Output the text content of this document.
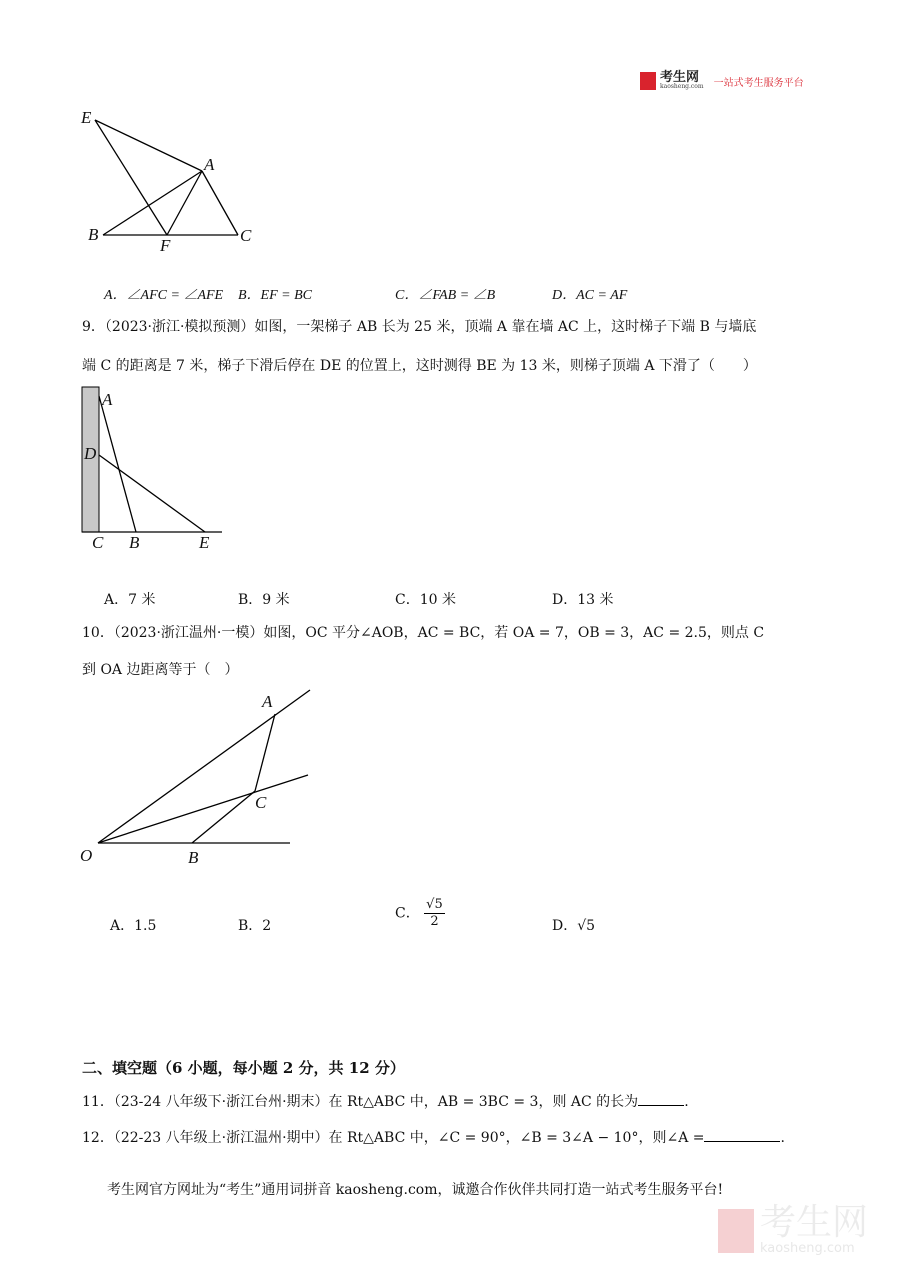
考生网
kaosheng.com 一站式考生服务平台
E
A
B
F
C
A．∠AFC = ∠AFE B．EF = BC	C．∠FAB = ∠B	D．AC = AF
9．（2023·浙江·模拟预测）如图，一架梯子 AB 长为 25 米，顶端 A 靠在墙 AC 上，这时梯子下端 B 与墙底
端 C 的距离是 7 米，梯子下滑后停在 DE 的位置上，这时测得 BE 为 13 米，则梯子顶端 A 下滑了（　　）
A
D
C B	E
A．7 米	B．9 米	C．10 米	D．13 米
10．（2023·浙江温州·一模）如图，OC 平分∠AOB，AC = BC，若 OA = 7，OB = 3，AC = 2.5，则点 C
到 OA 边距离等于（　）
A
C
O	B
A．1.5	B．2
C． $\frac{√5}{2}$	D．√5
二、填空题（6 小题，每小题 2 分，共 12 分）
11．（23-24 八年级下·浙江台州·期末）在 Rt△ABC 中，AB = 3BC = 3，则 AC 的长为	.
12．（22-23 八年级上·浙江温州·期中）在 Rt△ABC 中，∠C = 90°，∠B = 3∠A − 10°，则∠A =	.
考生网官方网址为“考生”通用词拼音 kaosheng.com，诚邀合作伙伴共同打造一站式考生服务平台!
考生网
kaosheng.com
